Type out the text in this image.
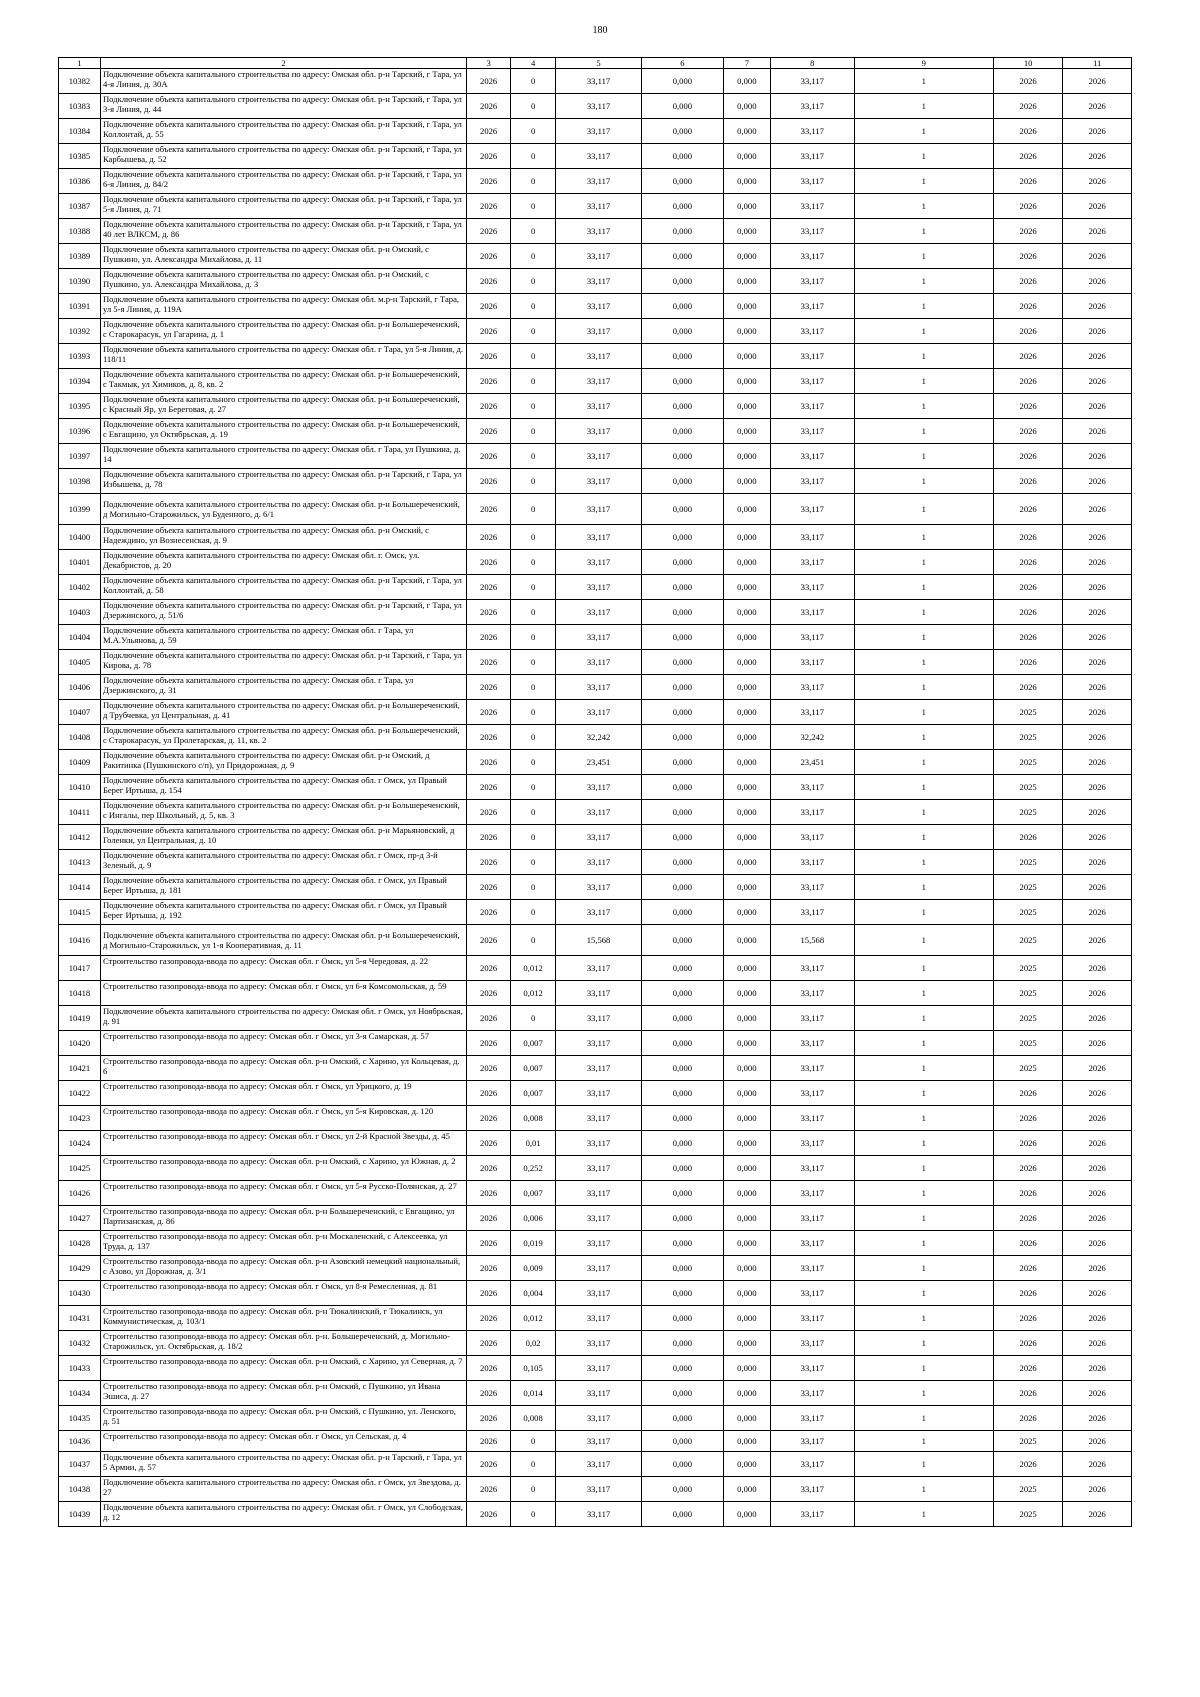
180
1	2	3	4	5	6	7	8	9	10	11
10382	Подключение объекта капитального строительства по адресу: Омская обл. р-н Тарский, г Тара, ул 4-я Линия, д. 30А	2026	0	33,117	0,000	0,000	33,117	1	2026	2026
10383	Подключение объекта капитального строительства по адресу: Омская обл. р-н Тарский, г Тара, ул 3-я Линия, д. 44	2026	0	33,117	0,000	0,000	33,117	1	2026	2026
10384	Подключение объекта капитального строительства по адресу: Омская обл. р-н Тарский, г Тара, ул Коллонтай, д. 55	2026	0	33,117	0,000	0,000	33,117	1	2026	2026
10385	Подключение объекта капитального строительства по адресу: Омская обл. р-н Тарский, г Тара, ул Карбышева, д. 52	2026	0	33,117	0,000	0,000	33,117	1	2026	2026
10386	Подключение объекта капитального строительства по адресу: Омская обл. р-н Тарский, г Тара, ул 6-я Линия, д. 84/2	2026	0	33,117	0,000	0,000	33,117	1	2026	2026
10387	Подключение объекта капитального строительства по адресу: Омская обл. р-н Тарский, г Тара, ул 5-я Линия, д. 71	2026	0	33,117	0,000	0,000	33,117	1	2026	2026
10388	Подключение объекта капитального строительства по адресу: Омская обл. р-н Тарский, г Тара, ул 40 лет ВЛКСМ, д. 86	2026	0	33,117	0,000	0,000	33,117	1	2026	2026
10389	Подключение объекта капитального строительства по адресу: Омская обл. р-н Омский, с Пушкино, ул. Александра Михайлова, д. 11	2026	0	33,117	0,000	0,000	33,117	1	2026	2026
10390	Подключение объекта капитального строительства по адресу: Омская обл. р-н Омский, с Пушкино, ул. Александра Михайлова, д. 3	2026	0	33,117	0,000	0,000	33,117	1	2026	2026
10391	Подключение объекта капитального строительства по адресу: Омская обл. м.р-н Тарский, г Тара, ул 5-я Линия, д. 119А	2026	0	33,117	0,000	0,000	33,117	1	2026	2026
10392	Подключение объекта капитального строительства по адресу: Омская обл. р-н Большереченский, с Старокарасук, ул Гагарина, д. 1	2026	0	33,117	0,000	0,000	33,117	1	2026	2026
10393	Подключение объекта капитального строительства по адресу: Омская обл. г Тара, ул 5-я Линия, д. 118/11	2026	0	33,117	0,000	0,000	33,117	1	2026	2026
10394	Подключение объекта капитального строительства по адресу: Омская обл. р-н Большереченский, с Такмык, ул Химиков, д. 8, кв. 2	2026	0	33,117	0,000	0,000	33,117	1	2026	2026
10395	Подключение объекта капитального строительства по адресу: Омская обл. р-н Большереченский, с Красный Яр, ул Береговая, д. 27	2026	0	33,117	0,000	0,000	33,117	1	2026	2026
10396	Подключение объекта капитального строительства по адресу: Омская обл. р-н Большереченский, с Евгащино, ул Октябрьская, д. 19	2026	0	33,117	0,000	0,000	33,117	1	2026	2026
10397	Подключение объекта капитального строительства по адресу: Омская обл. г Тара, ул Пушкина, д. 14	2026	0	33,117	0,000	0,000	33,117	1	2026	2026
10398	Подключение объекта капитального строительства по адресу: Омская обл. р-н Тарский, г Тара, ул Избышева, д. 78	2026	0	33,117	0,000	0,000	33,117	1	2026	2026
10399	Подключение объекта капитального строительства по адресу: Омская обл. р-н Большереченский, д Могильно-Старожильск, ул Буденного, д. 6/1	2026	0	33,117	0,000	0,000	33,117	1	2026	2026
10400	Подключение объекта капитального строительства по адресу: Омская обл. р-н Омский, с Надеждино, ул Вознесенская, д. 9	2026	0	33,117	0,000	0,000	33,117	1	2026	2026
10401	Подключение объекта капитального строительства по адресу: Омская обл. г. Омск, ул. Декабристов, д. 20	2026	0	33,117	0,000	0,000	33,117	1	2026	2026
10402	Подключение объекта капитального строительства по адресу: Омская обл. р-н Тарский, г Тара, ул Коллонтай, д. 58	2026	0	33,117	0,000	0,000	33,117	1	2026	2026
10403	Подключение объекта капитального строительства по адресу: Омская обл. р-н Тарский, г Тара, ул Дзержинского, д. 51/6	2026	0	33,117	0,000	0,000	33,117	1	2026	2026
10404	Подключение объекта капитального строительства по адресу: Омская обл. г Тара, ул М.А.Ульянова, д. 59	2026	0	33,117	0,000	0,000	33,117	1	2026	2026
10405	Подключение объекта капитального строительства по адресу: Омская обл. р-н Тарский, г Тара, ул Кирова, д. 78	2026	0	33,117	0,000	0,000	33,117	1	2026	2026
10406	Подключение объекта капитального строительства по адресу: Омская обл. г Тара, ул Дзержинского, д. 31	2026	0	33,117	0,000	0,000	33,117	1	2026	2026
10407	Подключение объекта капитального строительства по адресу: Омская обл. р-н Большереченский, д Трубчевка, ул Центральная, д. 41	2026	0	33,117	0,000	0,000	33,117	1	2025	2026
10408	Подключение объекта капитального строительства по адресу: Омская обл. р-н Большереченский, с Старокарасук, ул Пролетарская, д. 11, кв. 2	2026	0	32,242	0,000	0,000	32,242	1	2025	2026
10409	Подключение объекта капитального строительства по адресу: Омская обл. р-н Омский, д Ракитинка (Пушкинского с/п), ул Придорожная, д. 9	2026	0	23,451	0,000	0,000	23,451	1	2025	2026
10410	Подключение объекта капитального строительства по адресу: Омская обл. г Омск, ул Правый Берег Иртыша, д. 154	2026	0	33,117	0,000	0,000	33,117	1	2025	2026
10411	Подключение объекта капитального строительства по адресу: Омская обл. р-н Большереченский, с Ингалы, пер Школьный, д. 5, кв. 3	2026	0	33,117	0,000	0,000	33,117	1	2025	2026
10412	Подключение объекта капитального строительства по адресу: Омская обл. р-н Марьяновский, д Голенки, ул Центральная, д. 10	2026	0	33,117	0,000	0,000	33,117	1	2026	2026
10413	Подключение объекта капитального строительства по адресу: Омская обл. г Омск, пр-д 3-й Зеленый, д. 9	2026	0	33,117	0,000	0,000	33,117	1	2025	2026
10414	Подключение объекта капитального строительства по адресу: Омская обл. г Омск, ул Правый Берег Иртыша, д. 181	2026	0	33,117	0,000	0,000	33,117	1	2025	2026
10415	Подключение объекта капитального строительства по адресу: Омская обл. г Омск, ул Правый Берег Иртыша, д. 192	2026	0	33,117	0,000	0,000	33,117	1	2025	2026
10416	Подключение объекта капитального строительства по адресу: Омская обл. р-н Большереченский, д Могильно-Старожильск, ул 1-я Кооперативная, д. 11	2026	0	15,568	0,000	0,000	15,568	1	2025	2026
10417	Строительство газопровода-ввода по адресу: Омская обл. г Омск, ул 5-я Чередовая, д. 22	2026	0,012	33,117	0,000	0,000	33,117	1	2025	2026
10418	Строительство газопровода-ввода по адресу: Омская обл. г Омск, ул 6-я Комсомольская, д. 59	2026	0,012	33,117	0,000	0,000	33,117	1	2025	2026
10419	Подключение объекта капитального строительства по адресу: Омская обл. г Омск, ул Ноябрьская, д. 91	2026	0	33,117	0,000	0,000	33,117	1	2025	2026
10420	Строительство газопровода-ввода по адресу: Омская обл. г Омск, ул 3-я Самарская, д. 57	2026	0,007	33,117	0,000	0,000	33,117	1	2025	2026
10421	Строительство газопровода-ввода по адресу: Омская обл. р-н Омский, с Харино, ул Кольцевая, д. 6	2026	0,007	33,117	0,000	0,000	33,117	1	2025	2026
10422	Строительство газопровода-ввода по адресу: Омская обл. г Омск, ул Урицкого, д. 19	2026	0,007	33,117	0,000	0,000	33,117	1	2026	2026
10423	Строительство газопровода-ввода по адресу: Омская обл. г Омск, ул 5-я Кировская, д. 120	2026	0,008	33,117	0,000	0,000	33,117	1	2026	2026
10424	Строительство газопровода-ввода по адресу: Омская обл. г Омск, ул 2-й Красной Звезды, д. 45	2026	0,01	33,117	0,000	0,000	33,117	1	2026	2026
10425	Строительство газопровода-ввода по адресу: Омская обл. р-н Омский, с Харино, ул Южная, д. 2	2026	0,252	33,117	0,000	0,000	33,117	1	2026	2026
10426	Строительство газопровода-ввода по адресу: Омская обл. г Омск, ул 5-я Русско-Полянская, д. 27	2026	0,007	33,117	0,000	0,000	33,117	1	2026	2026
10427	Строительство газопровода-ввода по адресу: Омская обл. р-н Большереченский, с Евгащино, ул Партизанская, д. 86	2026	0,006	33,117	0,000	0,000	33,117	1	2026	2026
10428	Строительство газопровода-ввода по адресу: Омская обл. р-н Москаленский, с Алексеевка, ул Труда, д. 137	2026	0,019	33,117	0,000	0,000	33,117	1	2026	2026
10429	Строительство газопровода-ввода по адресу: Омская обл. р-н Азовский немецкий национальный, с Азово, ул Дорожная, д. 3/1	2026	0,009	33,117	0,000	0,000	33,117	1	2026	2026
10430	Строительство газопровода-ввода по адресу: Омская обл. г Омск, ул 8-я Ремесленная, д. 81	2026	0,004	33,117	0,000	0,000	33,117	1	2026	2026
10431	Строительство газопровода-ввода по адресу: Омская обл. р-н Тюкалинский, г Тюкалинск, ул Коммунистическая, д. 103/1	2026	0,012	33,117	0,000	0,000	33,117	1	2026	2026
10432	Строительство газопровода-ввода по адресу: Омская обл. р-н. Большереченский, д. Могильно-Старожильск, ул. Октябрьская, д. 18/2	2026	0,02	33,117	0,000	0,000	33,117	1	2026	2026
10433	Строительство газопровода-ввода по адресу: Омская обл. р-н Омский, с Харино, ул Северная, д. 7	2026	0,105	33,117	0,000	0,000	33,117	1	2026	2026
10434	Строительство газопровода-ввода по адресу: Омская обл. р-н Омский, с Пушкино, ул Ивана Эшиса, д. 27	2026	0,014	33,117	0,000	0,000	33,117	1	2026	2026
10435	Строительство газопровода-ввода по адресу: Омская обл. р-н Омский, с Пушкино, ул. Ленского, д. 51	2026	0,008	33,117	0,000	0,000	33,117	1	2026	2026
10436	Строительство газопровода-ввода по адресу: Омская обл. г Омск, ул Сельская, д. 4	2026	0	33,117	0,000	0,000	33,117	1	2025	2026
10437	Подключение объекта капитального строительства по адресу: Омская обл. р-н Тарский, г Тара, ул 5 Армии, д. 57	2026	0	33,117	0,000	0,000	33,117	1	2026	2026
10438	Подключение объекта капитального строительства по адресу: Омская обл. г Омск, ул Звездова, д. 27	2026	0	33,117	0,000	0,000	33,117	1	2025	2026
10439	Подключение объекта капитального строительства по адресу: Омская обл. г Омск, ул Слободская, д. 12	2026	0	33,117	0,000	0,000	33,117	1	2025	2026
